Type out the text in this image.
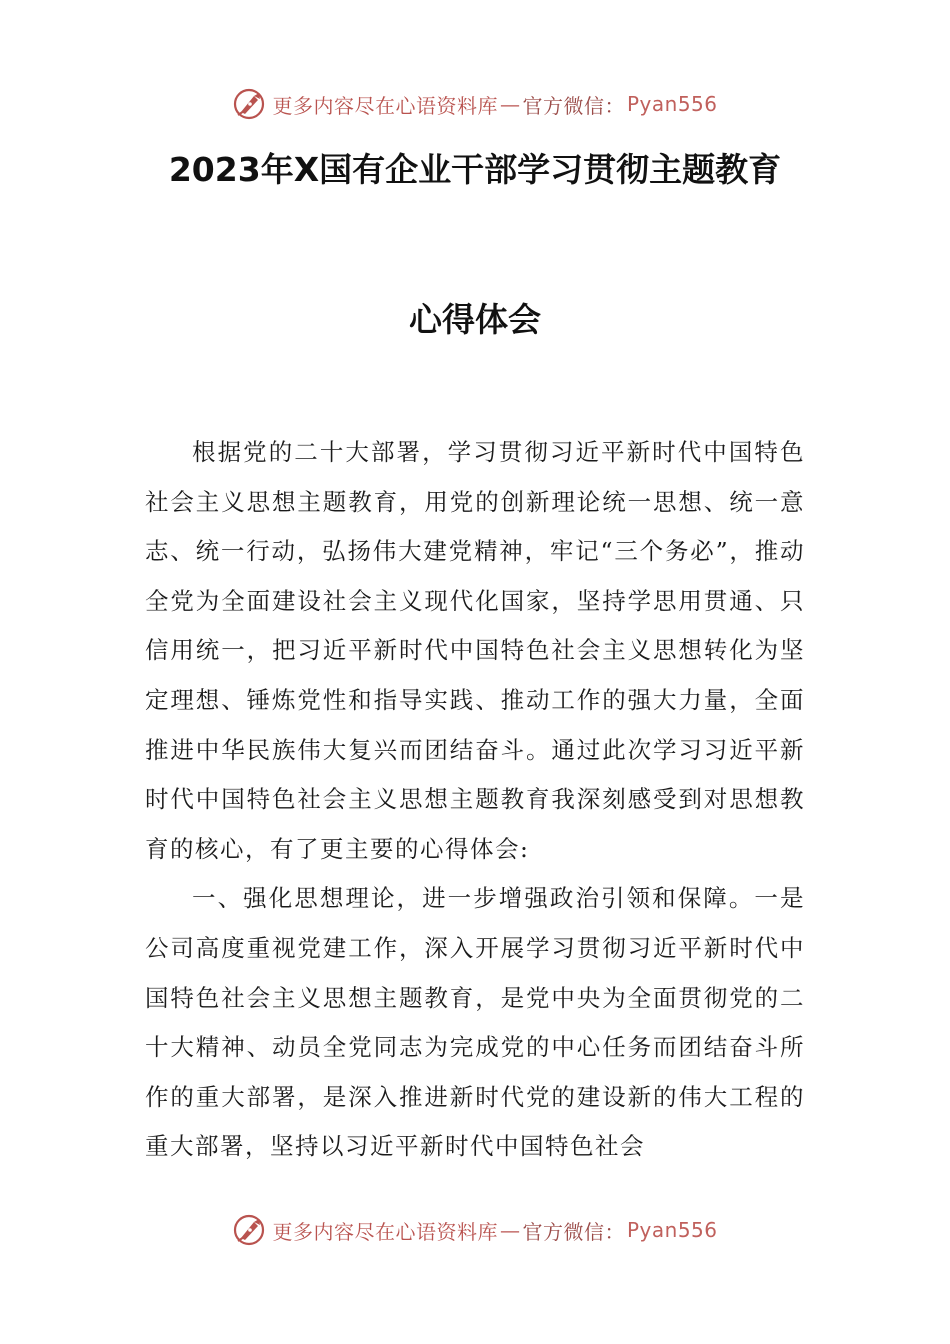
更多内容尽在心语资料库 — 官方微信： Pyan556
2023年X国有企业干部学习贯彻主题教育
心得体会

根据党的二十大部署，学习贯彻习近平新时代中国特色社会主义思想主题教育，用党的创新理论统一思想、统一意志、统一行动，弘扬伟大建党精神，牢记“三个务必”，推动全党为全面建设社会主义现代化国家，坚持学思用贯通、只信用统一，把习近平新时代中国特色社会主义思想转化为坚定理想、锤炼党性和指导实践、推动工作的强大力量，全面推进中华民族伟大复兴而团结奋斗。通过此次学习习近平新时代中国特色社会主义思想主题教育我深刻感受到对思想教育的核心，有了更主要的心得体会:

一、强化思想理论，进一步增强政治引领和保障。一是公司高度重视党建工作，深入开展学习贯彻习近平新时代中国特色社会主义思想主题教育，是党中央为全面贯彻党的二十大精神、动员全党同志为完成党的中心任务而团结奋斗所作的重大部署，是深入推进新时代党的建设新的伟大工程的重大部署，坚持以习近平新时代中国特色社会

更多内容尽在心语资料库 — 官方微信： Pyan556
